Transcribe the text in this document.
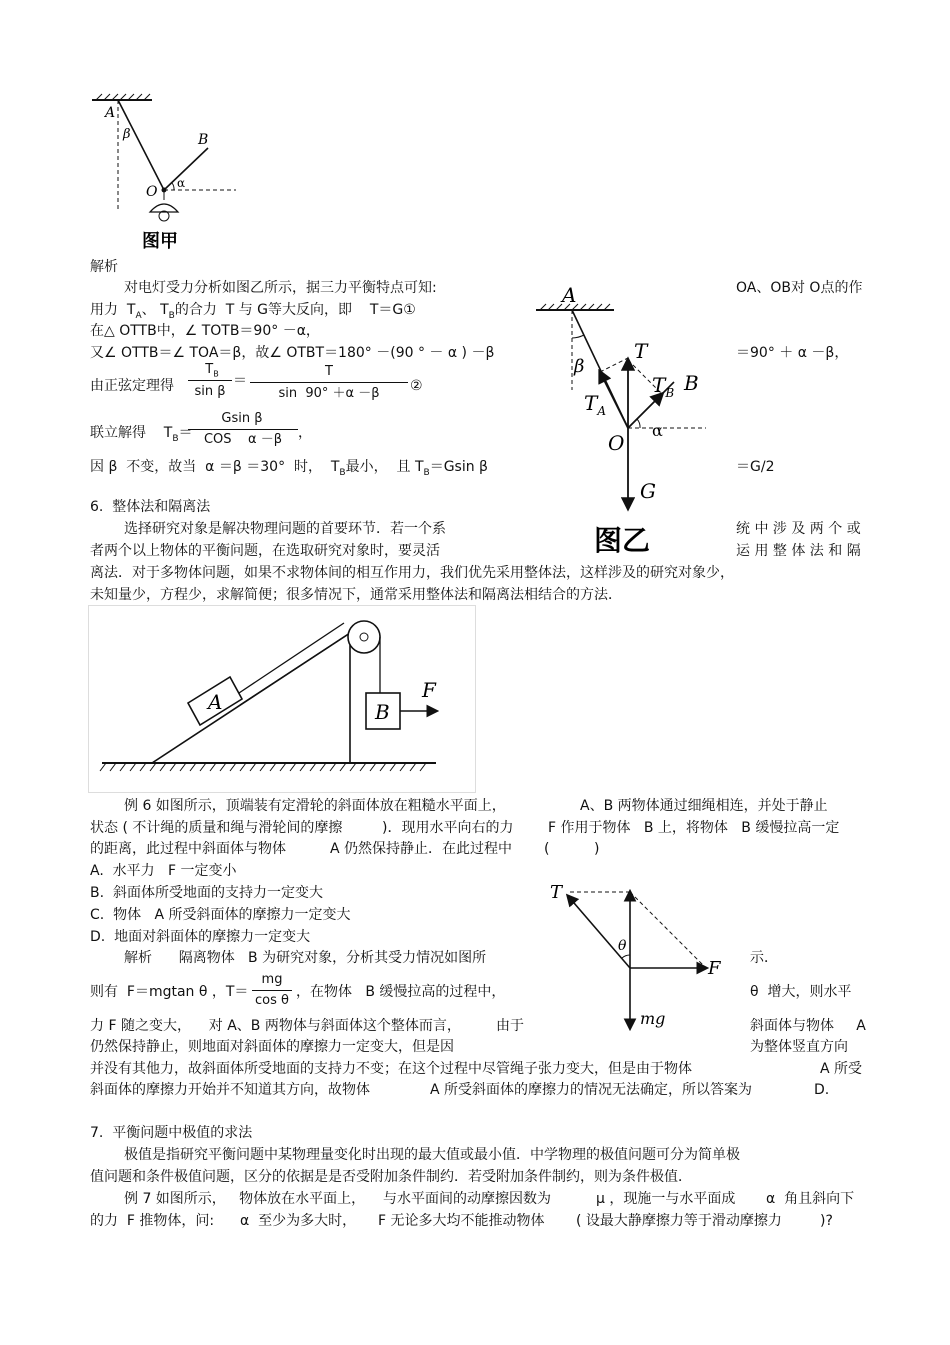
A
β	B
O
α
图甲
解析
对电灯受力分析如图乙所示，据三力平衡特点可知:	OA、OB对 O点的作
用力  $T_A$、 $T_B$的合力  T 与 G等大反向，即    T＝G①
在△ OTTB中，∠ TOTB＝90° －α，
又∠ OTTB＝∠ TOA＝β，故∠ OTBT＝180° －(90 ° － α ) －β	＝90° ＋ α －β，
由正弦定理得
$T_B$
sin β
＝
T
sin  90° ＋α －β	②
联立解得    $T_B=$
Gsin β
COS    α －β	，
因 β  不变，故当  α ＝β ＝30°  时，  $T_B$最小，  且 $T_B=Gsin$ β	＝G/2
A
β
T
$T_B$ B
$T_A$
O
α
G
图乙
6.  整体法和隔离法
选择研究对象是解决物理问题的首要环节．若一个系	统 中 涉 及 两 个 或
者两个以上物体的平衡问题，在选取研究对象时，要灵活	运 用 整 体 法 和 隔
离法．对于多物体问题，如果不求物体间的相互作用力，我们优先采用整体法，这样涉及的研究对象少，
未知量少，方程少，求解简便；很多情况下，通常采用整体法和隔离法相结合的方法．
A	B
F
例 6 如图所示，顶端装有定滑轮的斜面体放在粗糙水平面上，	A、B 两物体通过细绳相连，并处于静止
状态 ( 不计绳的质量和绳与滑轮间的摩擦	)．现用水平向右的力 F 作用于物体   B 上，将物体   B 缓慢拉高一定
的距离，此过程中斜面体与物体	A 仍然保持静止．在此过程中 (          )
A.  水平力   F 一定变小
B.  斜面体所受地面的支持力一定变大
C.  物体   A 所受斜面体的摩擦力一定变大
D.  地面对斜面体的摩擦力一定变大
解析      隔离物体   B 为研究对象，分析其受力情况如图所	示．
则有  F＝mgtan θ ，T＝
mg
cos θ
，在物体   B 缓慢拉高的过程中，	θ  增大，则水平
力 F 随之变大，    对 A、B 两物体与斜面体这个整体而言，	由于	斜面体与物体     A
仍然保持静止，则地面对斜面体的摩擦力一定变大，但是因	为整体竖直方向
并没有其他力，故斜面体所受地面的支持力不变；在这个过程中尽管绳子张力变大，但是由于物体	A 所受
斜面体的摩擦力开始并不知道其方向，故物体	A 所受斜面体的摩擦力的情况无法确定，所以答案为	D.
T
θ
F
mg
7.  平衡问题中极值的求法
极值是指研究平衡问题中某物理量变化时出现的最大值或最小值．中学物理的极值问题可分为简单极
值问题和条件极值问题，区分的依据是是否受附加条件制约．若受附加条件制约，则为条件极值．
例 7 如图所示，   物体放在水平面上，    与水平面间的动摩擦因数为	μ ，现施一与水平面成 α  角且斜向下
的力  F 推物体，问: α  至少为多大时， F 无论多大均不能推动物体 ( 设最大静摩擦力等于滑动摩擦力	)?
